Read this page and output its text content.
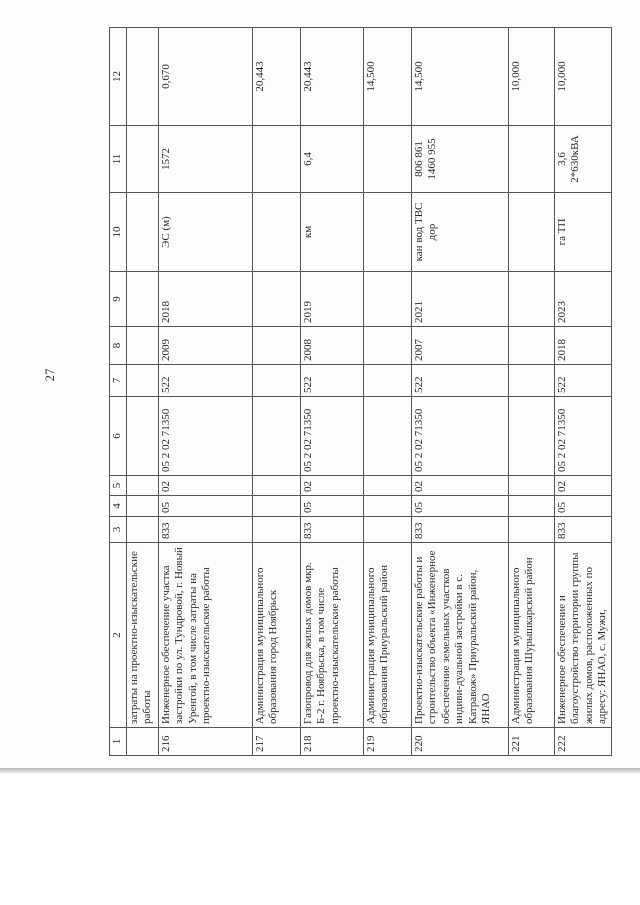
27
1	2	3	4	5	6	7	8	9	10	11	12
	затраты на проектно-изыскательские работы										
216	Инженерное обеспечение участка застройки по ул. Тундровой, г. Новый Уренгой, в том числе затраты на проектно-изыскательские работы	833	05	02	05 2 02 71350	522	2009	2018	ЭС (м)	1572	0,670
217	Администрация муниципального образования город Ноябрьск										20,443
218	Газопровод для жилых домов мкр. Б-2 г. Ноябрьска, в том числе проектно-изыскательские работы	833	05	02	05 2 02 71350	522	2008	2019	км	6,4	20,443
219	Администрация муниципального образования Приуральский район										14,500
220	Проектно-изыскательские работы и строительство объекта «Инженерное обеспечение земельных участков индиви-дуальной застройки в с. Катравож» Приуральский район, ЯНАО	833	05	02	05 2 02 71350	522	2007	2021	кан вод ТВС дор	806 861 1460 955	14,500
221	Администрация муниципального образования Шурышкарский район										10,000
222	Инженерное обеспечение и благоустройство территории группы жилых домов, расположенных по адресу: ЯНАО, с. Мужи,	833	05	02	05 2 02 71350	522	2018	2023	га ТП	3,6 2*630кВА	10,000
